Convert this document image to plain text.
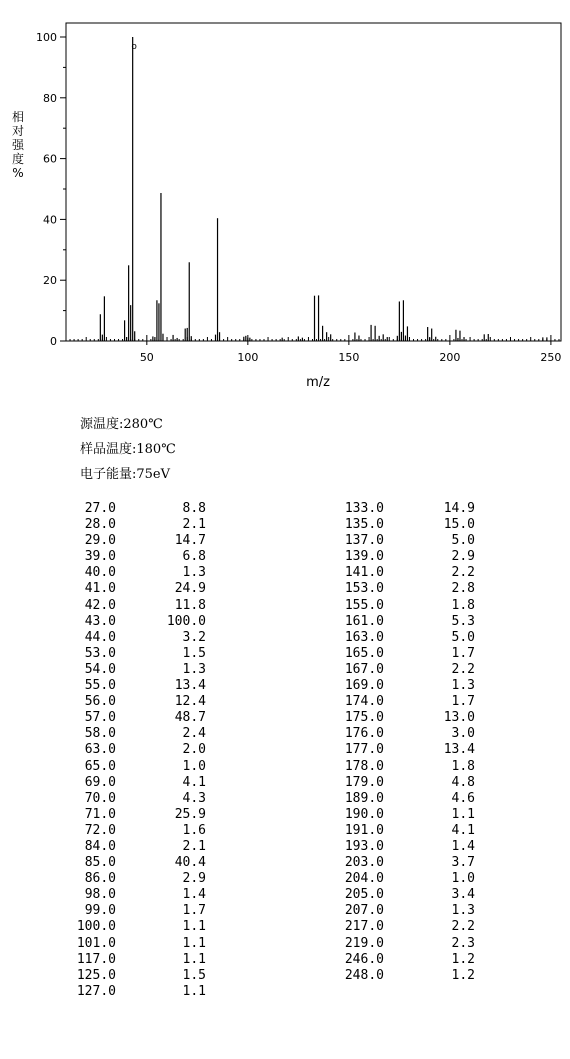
50	100	150	200	250
0
20
40
60
80
100
o
相
对
强
度
%
m/z
源温度:280℃
样品温度:180℃
电子能量:75eV
27.0	8.8
28.0	2.1
29.0	14.7
39.0	6.8
40.0	1.3
41.0	24.9
42.0	11.8
43.0	100.0
44.0	3.2
53.0	1.5
54.0	1.3
55.0	13.4
56.0	12.4
57.0	48.7
58.0	2.4
63.0	2.0
65.0	1.0
69.0	4.1
70.0	4.3
71.0	25.9
72.0	1.6
84.0	2.1
85.0	40.4
86.0	2.9
98.0	1.4
99.0	1.7
100.0	1.1
101.0	1.1
117.0	1.1
125.0	1.5
127.0	1.1
133.0	14.9
135.0	15.0
137.0	5.0
139.0	2.9
141.0	2.2
153.0	2.8
155.0	1.8
161.0	5.3
163.0	5.0
165.0	1.7
167.0	2.2
169.0	1.3
174.0	1.7
175.0	13.0
176.0	3.0
177.0	13.4
178.0	1.8
179.0	4.8
189.0	4.6
190.0	1.1
191.0	4.1
193.0	1.4
203.0	3.7
204.0	1.0
205.0	3.4
207.0	1.3
217.0	2.2
219.0	2.3
246.0	1.2
248.0	1.2
